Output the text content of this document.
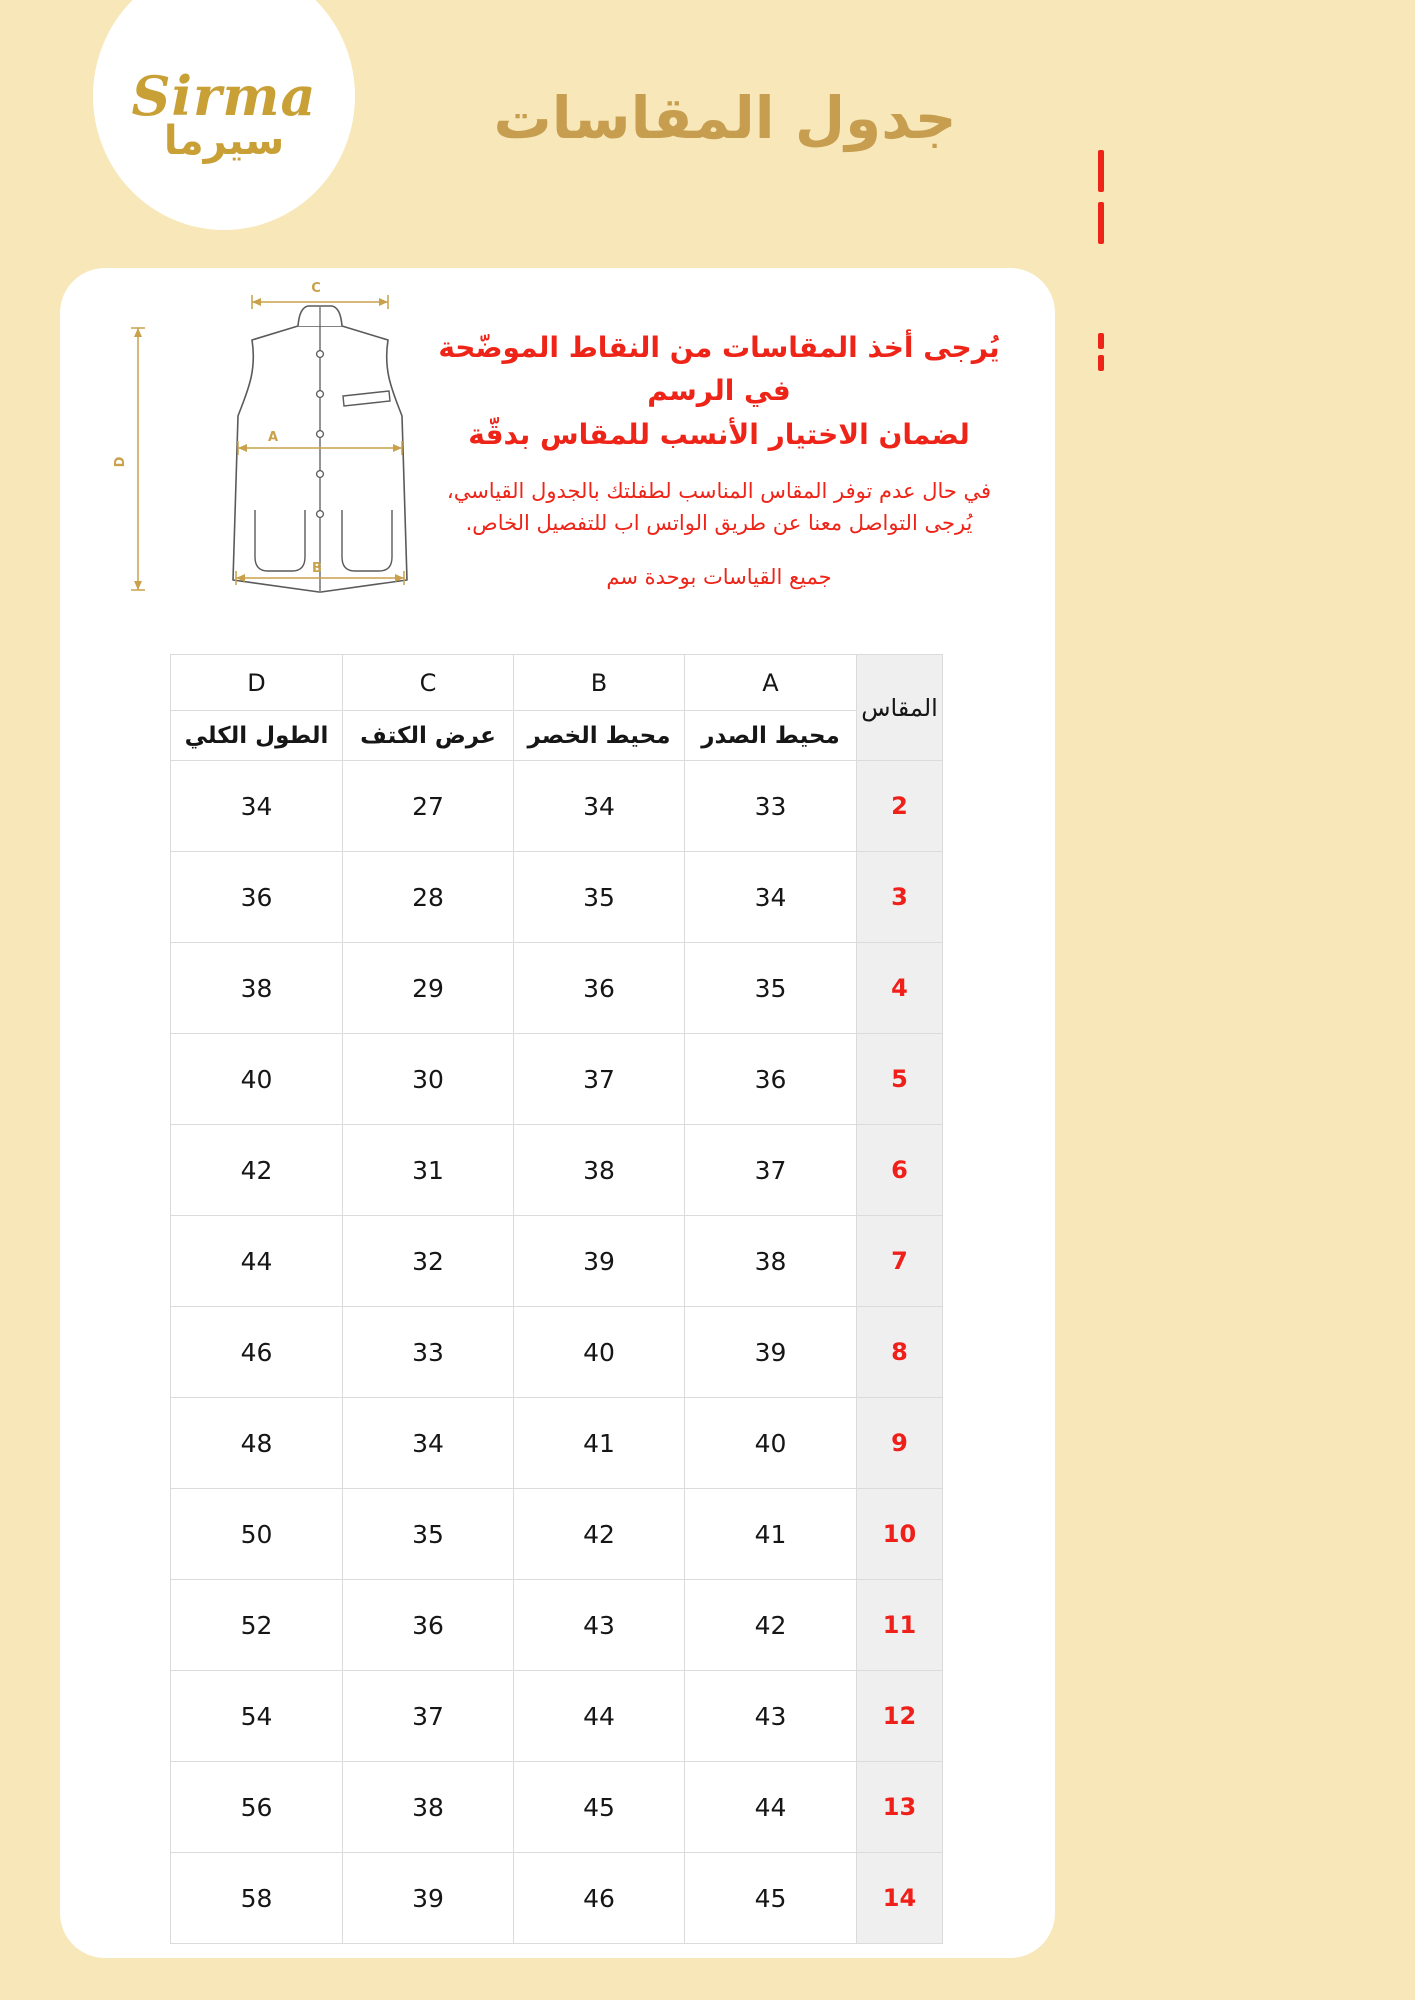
Sirma
سيرما	جدول المقاسات
C
D
A
B
يُرجى أخذ المقاسات من النقاط الموضّحة في الرسم
لضمان الاختيار الأنسب للمقاس بدقّة
في حال عدم توفر المقاس المناسب لطفلتك بالجدول القياسي،
يُرجى التواصل معنا عن طريق الواتس اب للتفصيل الخاص.
جميع القياسات بوحدة سم
المقاس	A	B	C	D
	محيط الصدر	محيط الخصر	عرض الكتف	الطول الكلي
2	33	34	27	34
3	34	35	28	36
4	35	36	29	38
5	36	37	30	40
6	37	38	31	42
7	38	39	32	44
8	39	40	33	46
9	40	41	34	48
10	41	42	35	50
11	42	43	36	52
12	43	44	37	54
13	44	45	38	56
14	45	46	39	58
